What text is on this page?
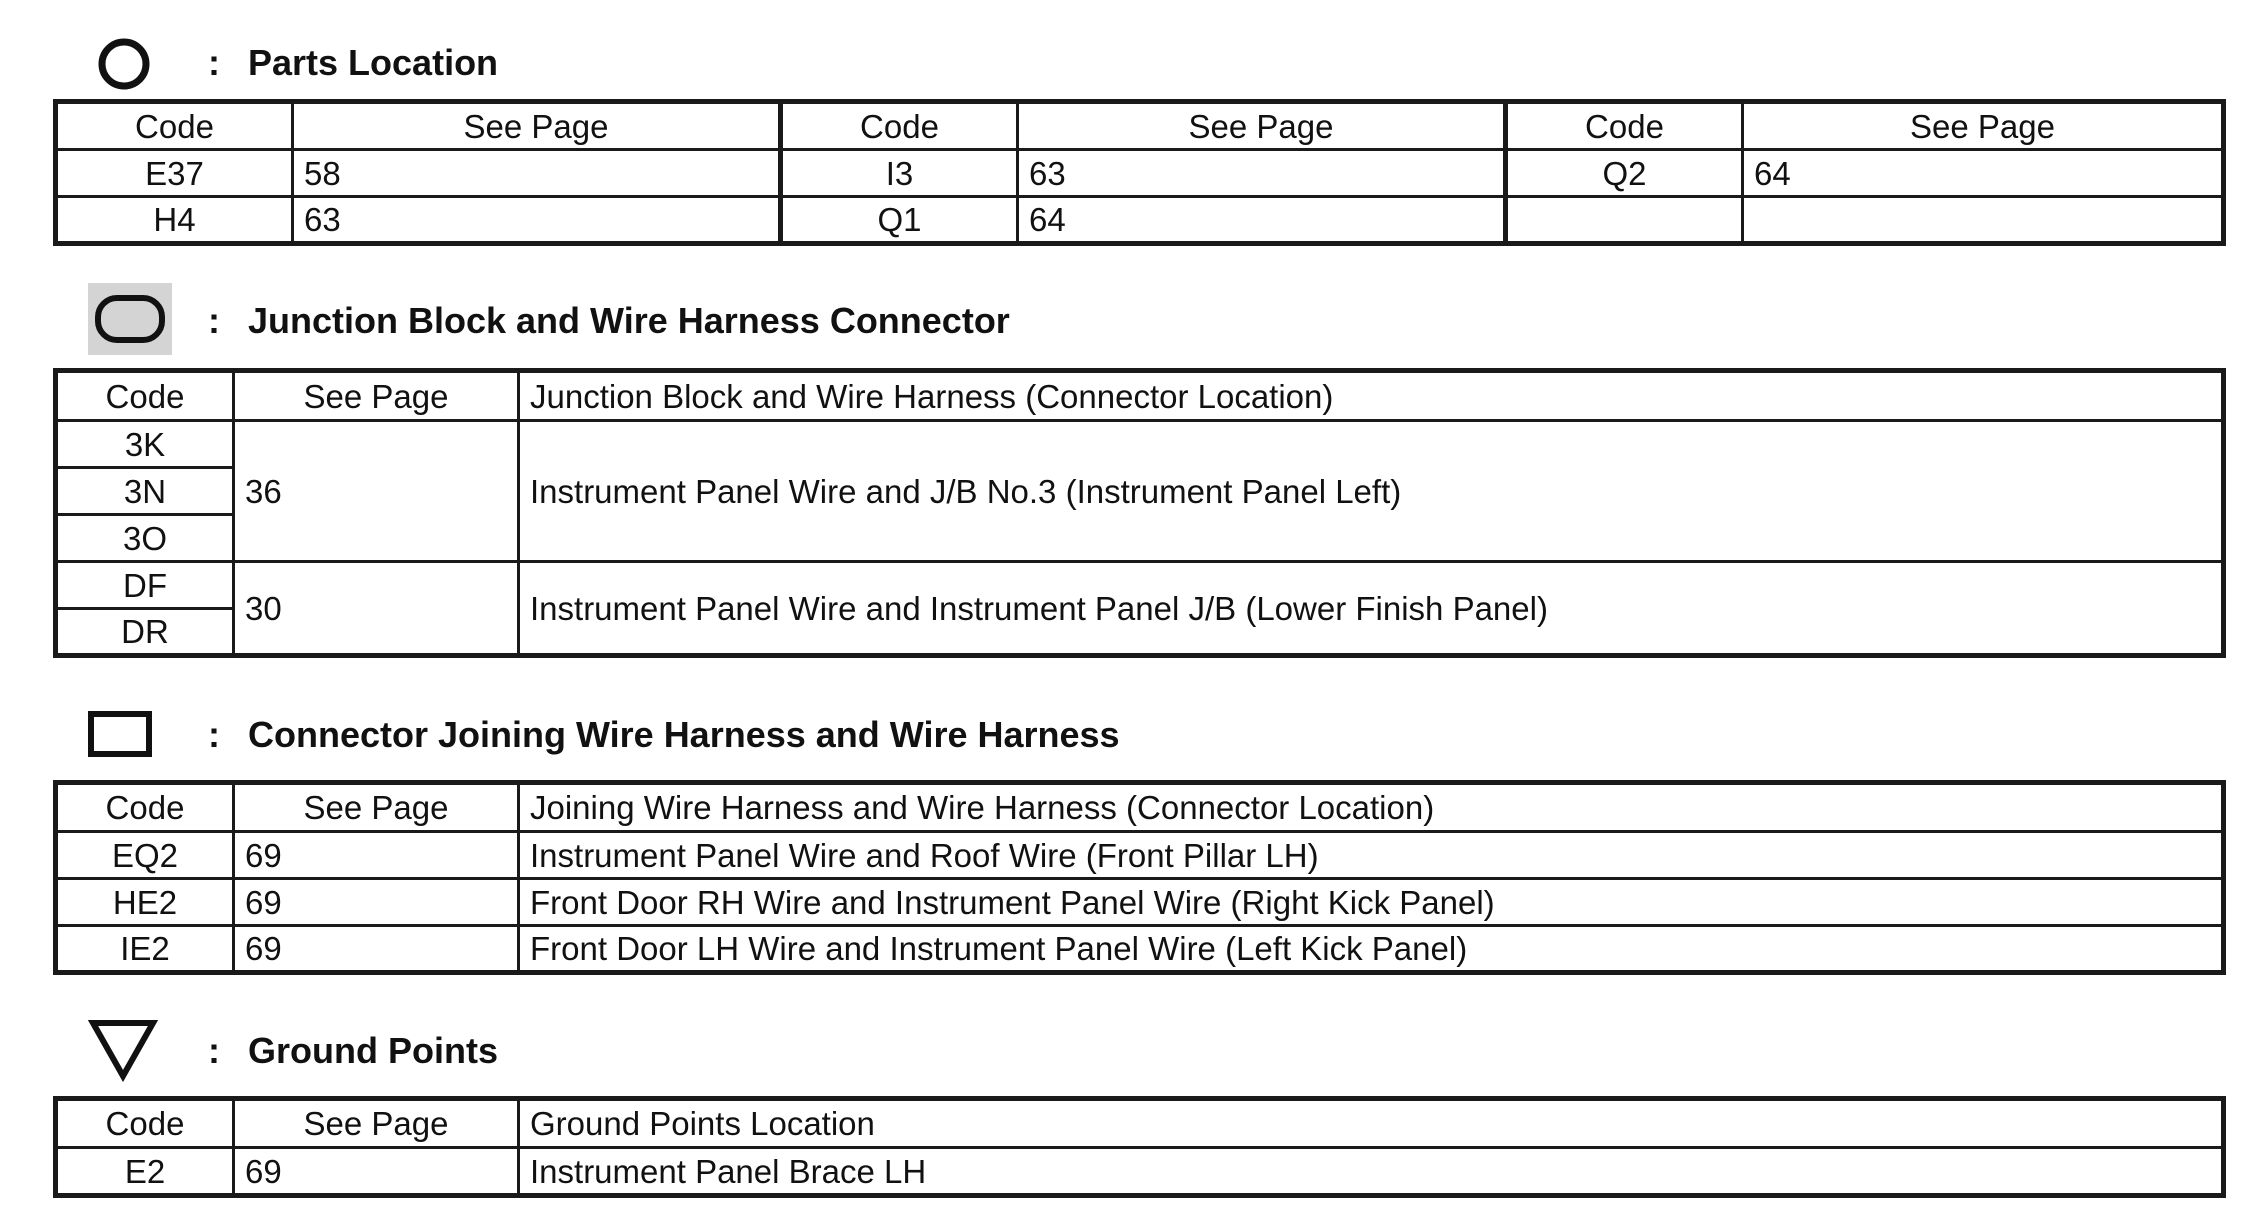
: Parts Location
Code	See Page	Code	See Page	Code	See Page
E37	58	I3	63	Q2	64
H4	63	Q1	64		
: Junction Block and Wire Harness Connector
Code	See Page	Junction Block and Wire Harness (Connector Location)
3K	36	Instrument Panel Wire and J/B No.3 (Instrument Panel Left)
3N		
3O		
DF	30	Instrument Panel Wire and Instrument Panel J/B (Lower Finish Panel)
DR		
: Connector Joining Wire Harness and Wire Harness
Code	See Page	Joining Wire Harness and Wire Harness (Connector Location)
EQ2	69	Instrument Panel Wire and Roof Wire (Front Pillar LH)
HE2	69	Front Door RH Wire and Instrument Panel Wire (Right Kick Panel)
IE2	69	Front Door LH Wire and Instrument Panel Wire (Left Kick Panel)
: Ground Points
Code	See Page	Ground Points Location
E2	69	Instrument Panel Brace LH
